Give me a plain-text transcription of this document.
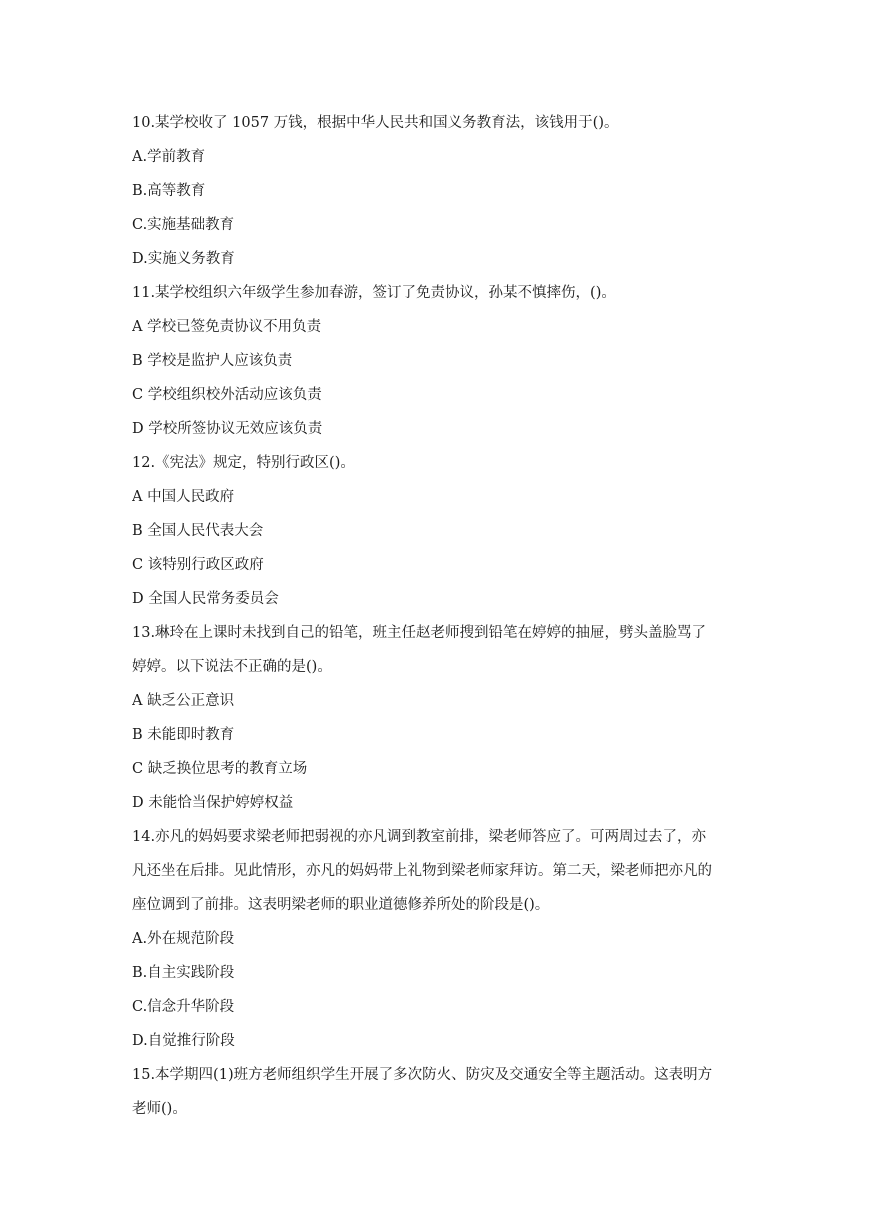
10.某学校收了 1057 万钱，根据中华人民共和国义务教育法，该钱用于()。
A.学前教育
B.高等教育
C.实施基础教育
D.实施义务教育
11.某学校组织六年级学生参加春游，签订了免责协议，孙某不慎摔伤，()。
A 学校已签免责协议不用负责
B 学校是监护人应该负责
C 学校组织校外活动应该负责
D 学校所签协议无效应该负责
12.《宪法》规定，特别行政区()。
A 中国人民政府
B 全国人民代表大会
C 该特别行政区政府
D 全国人民常务委员会
13.琳玲在上课时未找到自己的铅笔，班主任赵老师搜到铅笔在婷婷的抽屉，劈头盖脸骂了
婷婷。以下说法不正确的是()。
A 缺乏公正意识
B 未能即时教育
C 缺乏换位思考的教育立场
D 未能恰当保护婷婷权益
14.亦凡的妈妈要求梁老师把弱视的亦凡调到教室前排，梁老师答应了。可两周过去了，亦
凡还坐在后排。见此情形，亦凡的妈妈带上礼物到梁老师家拜访。第二天，梁老师把亦凡的
座位调到了前排。这表明梁老师的职业道德修养所处的阶段是()。
A.外在规范阶段
B.自主实践阶段
C.信念升华阶段
D.自觉推行阶段
15.本学期四(1)班方老师组织学生开展了多次防火、防灾及交通安全等主题活动。这表明方
老师()。
